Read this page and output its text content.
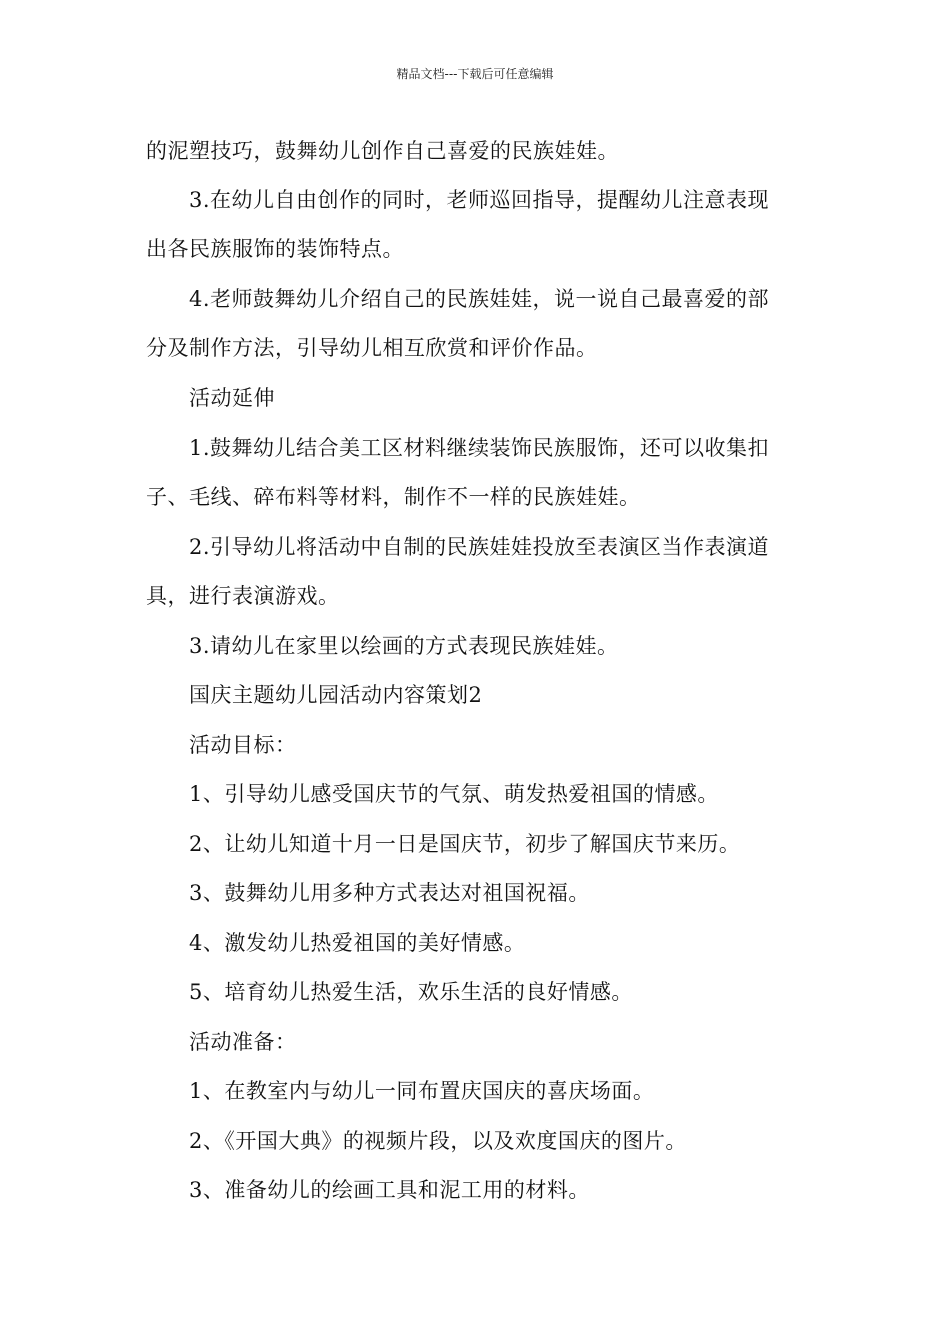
精品文档---下载后可任意编辑
的泥塑技巧，鼓舞幼儿创作自己喜爱的民族娃娃。
3.在幼儿自由创作的同时，老师巡回指导，提醒幼儿注意表现
出各民族服饰的装饰特点。
4.老师鼓舞幼儿介绍自己的民族娃娃，说一说自己最喜爱的部
分及制作方法，引导幼儿相互欣赏和评价作品。
活动延伸
1.鼓舞幼儿结合美工区材料继续装饰民族服饰，还可以收集扣
子、毛线、碎布料等材料，制作不一样的民族娃娃。
2.引导幼儿将活动中自制的民族娃娃投放至表演区当作表演道
具，进行表演游戏。
3.请幼儿在家里以绘画的方式表现民族娃娃。
国庆主题幼儿园活动内容策划2
活动目标：
1、引导幼儿感受国庆节的气氛、萌发热爱祖国的情感。
2、让幼儿知道十月一日是国庆节，初步了解国庆节来历。
3、鼓舞幼儿用多种方式表达对祖国祝福。
4、激发幼儿热爱祖国的美好情感。
5、培育幼儿热爱生活，欢乐生活的良好情感。
活动准备：
1、在教室内与幼儿一同布置庆国庆的喜庆场面。
2、《开国大典》的视频片段，以及欢度国庆的图片。
3、准备幼儿的绘画工具和泥工用的材料。
